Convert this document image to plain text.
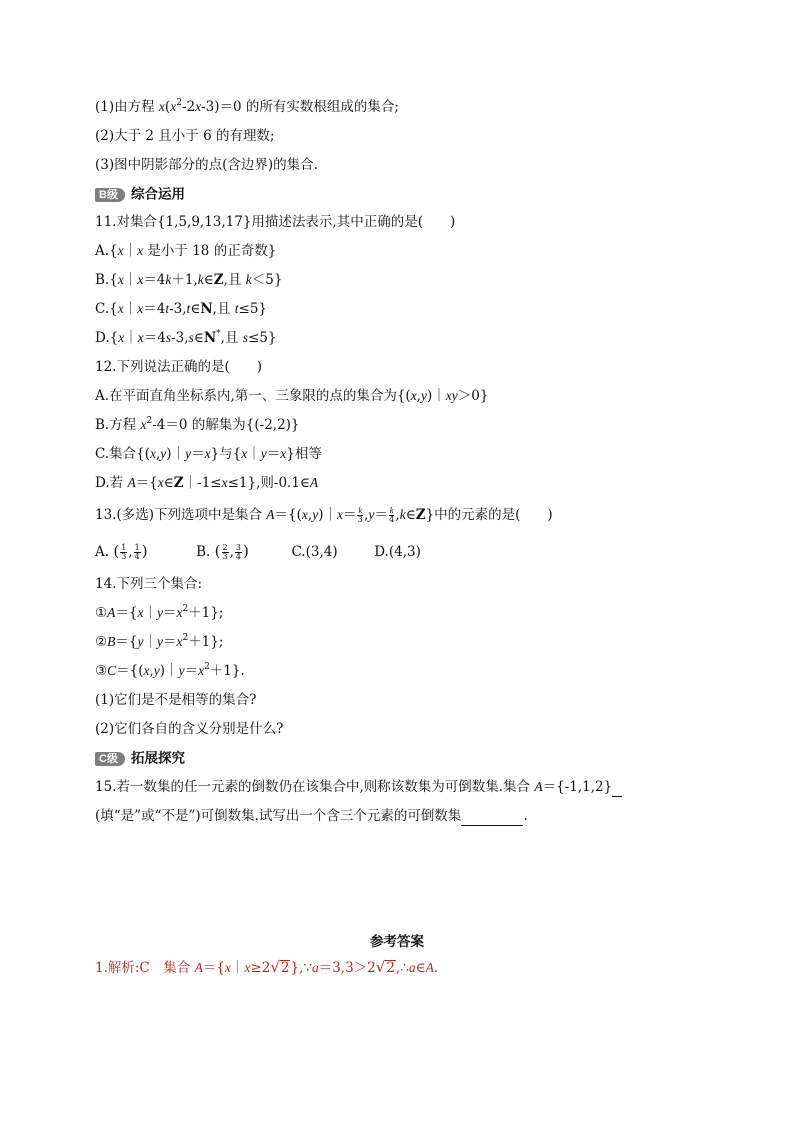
(1)由方程 $x(x^2-2x-3)=0$ 的所有实数根组成的集合;
(2)大于 2 且小于 6 的有理数;
(3)图中阴影部分的点(含边界)的集合.
B级 综合运用
11.对集合{1,5,9,13,17}用描述法表示,其中正确的是(　　)
A.{x｜x 是小于 18 的正奇数}
B.{x｜x＝4k＋1,k∈Z,且 k＜5}
C.{x｜x＝4t-3,t∈N,且 t≤5}
D.{x｜x＝4s-3,s∈N*,且 s≤5}
12.下列说法正确的是(　　)
A.在平面直角坐标系内,第一、三象限的点的集合为{(x,y)｜xy＞0}
B.方程 $x^2-4=0$ 的解集为{(-2,2)}
C.集合{(x,y)｜y＝x}与{x｜y＝x}相等
D.若 A＝{x∈Z｜-1≤x≤1},则-0.1∈A
13.(多选)下列选项中是集合 A＝{(x,y)｜x＝ $\frac{k}{3} ,y= \frac{k}{4}$ ,k∈Z}中的元素的是(　　)
A. ( $\frac{1}{3}$ , $\frac{1}{4}$ )	B. ( $\frac{2}{3}$ , $\frac{3}{4}$ )	C.(3,4)	D.(4,3)
14.下列三个集合:
$①A=\{x|y=x^2+1\}$;
$②B=\{y|y=x^2+1\}$;
$③C=\{(x,y)|y=x^2+1\}$.
(1)它们是不是相等的集合?
(2)它们各自的含义分别是什么?
C级 拓展探究
15.若一数集的任一元素的倒数仍在该集合中,则称该数集为可倒数集.集合 A＝{-1,1,2}
(填“是”或“不是”)可倒数集.试写出一个含三个元素的可倒数集	.
参考答案
1.解析:C　集合 A＝{x｜x≥2√2},∵a＝3,3＞2√2,∴a∈A.
